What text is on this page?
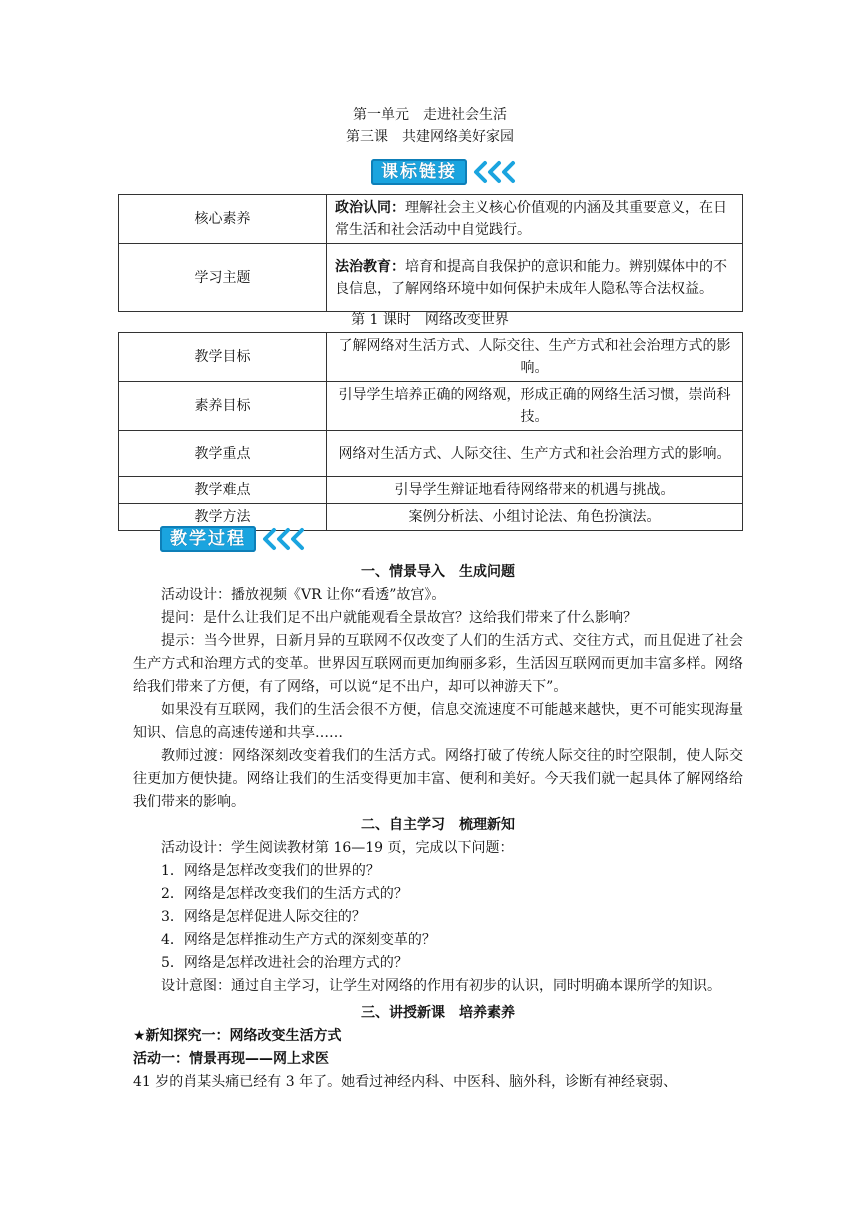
第一单元　走进社会生活
第三课　共建网络美好家园
课标链接
核心素养	政治认同：理解社会主义核心价值观的内涵及其重要意义，在日常生活和社会活动中自觉践行。
学习主题	法治教育：培育和提高自我保护的意识和能力。辨别媒体中的不良信息，了解网络环境中如何保护未成年人隐私等合法权益。
第 1 课时　网络改变世界
教学目标	了解网络对生活方式、人际交往、生产方式和社会治理方式的影响。
素养目标	引导学生培养正确的网络观，形成正确的网络生活习惯，崇尚科技。
教学重点	网络对生活方式、人际交往、生产方式和社会治理方式的影响。
教学难点	引导学生辩证地看待网络带来的机遇与挑战。
教学方法	案例分析法、小组讨论法、角色扮演法。
教学过程

一、情景导入　生成问题

活动设计：播放视频《VR 让你“看透”故宫》。

提问：是什么让我们足不出户就能观看全景故宫？这给我们带来了什么影响？

提示：当今世界，日新月异的互联网不仅改变了人们的生活方式、交往方式，而且促进了社会生产方式和治理方式的变革。世界因互联网而更加绚丽多彩，生活因互联网而更加丰富多样。网络给我们带来了方便，有了网络，可以说“足不出户，却可以神游天下”。

如果没有互联网，我们的生活会很不方便，信息交流速度不可能越来越快，更不可能实现海量知识、信息的高速传递和共享……

教师过渡：网络深刻改变着我们的生活方式。网络打破了传统人际交往的时空限制，使人际交往更加方便快捷。网络让我们的生活变得更加丰富、便利和美好。今天我们就一起具体了解网络给我们带来的影响。

二、自主学习　梳理新知

活动设计：学生阅读教材第 16—19 页，完成以下问题：

1．网络是怎样改变我们的世界的？

2．网络是怎样改变我们的生活方式的？

3．网络是怎样促进人际交往的？

4．网络是怎样推动生产方式的深刻变革的？

5．网络是怎样改进社会的治理方式的？

设计意图：通过自主学习，让学生对网络的作用有初步的认识，同时明确本课所学的知识。

三、讲授新课　培养素养

★新知探究一：网络改变生活方式

活动一：情景再现——网上求医

41 岁的肖某头痛已经有 3 年了。她看过神经内科、中医科、脑外科，诊断有神经衰弱、
